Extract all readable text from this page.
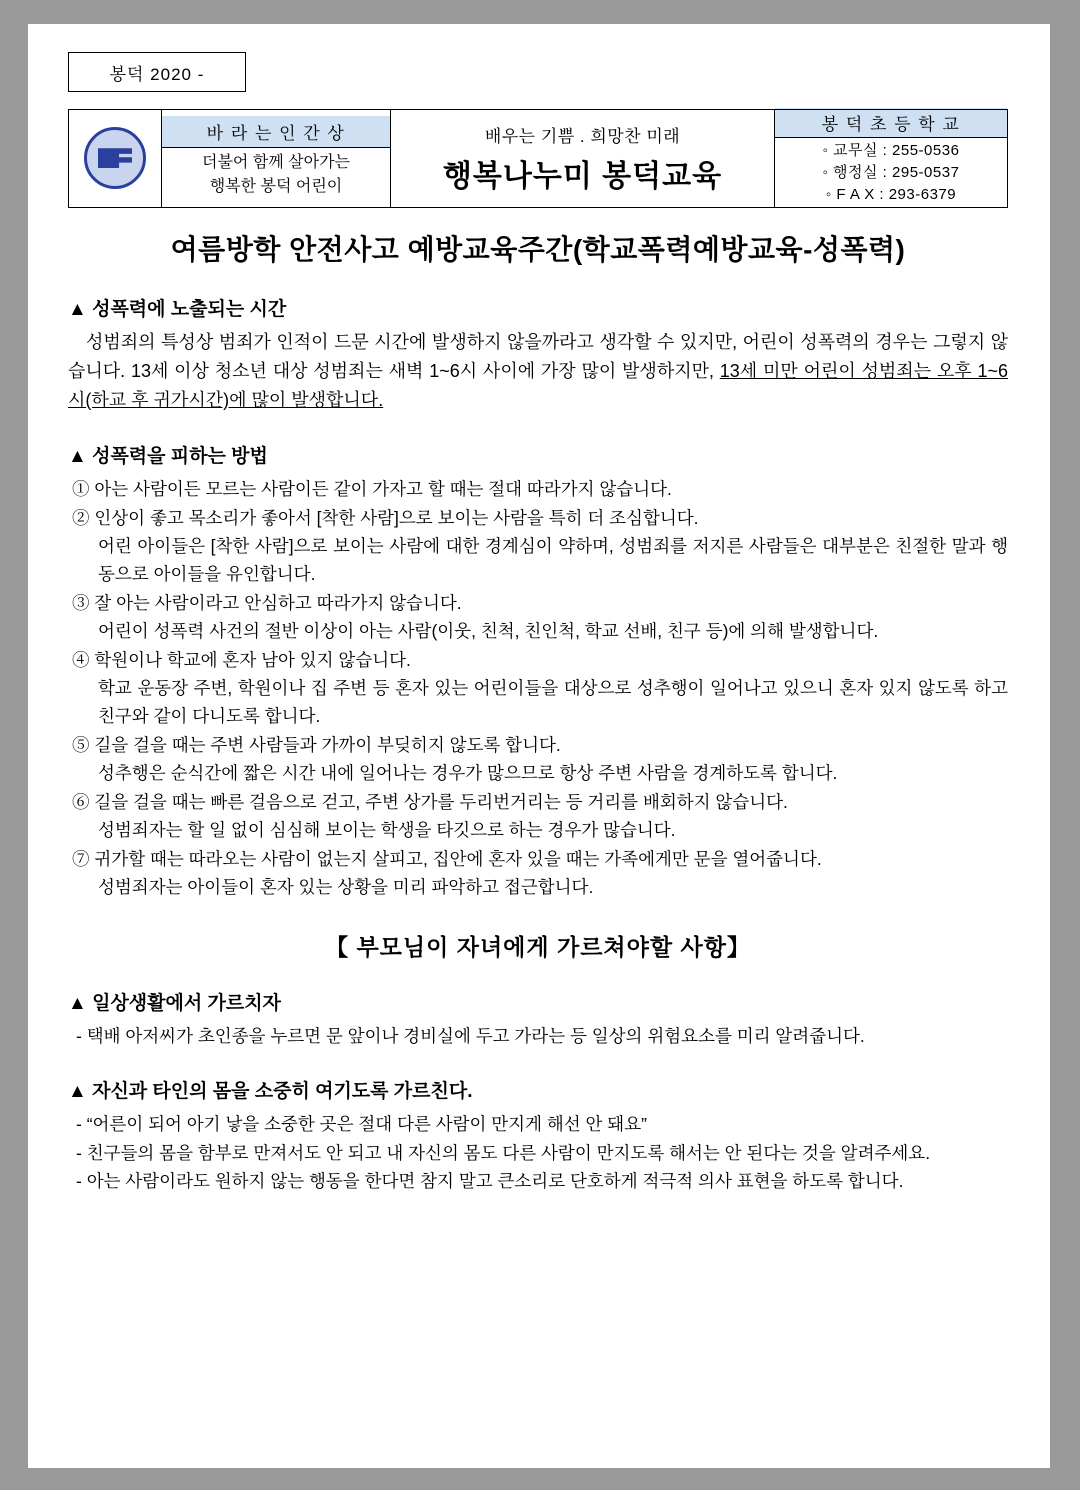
봉덕 2020 -

바 라 는 인 간 상
더불어 함께 살아가는
행복한 봉덕 어린이

배우는 기쁨 . 희망찬 미래
행복나누미 봉덕교육

봉 덕 초 등 학 교
◦ 교무실 : 255-0536
◦ 행정실 : 295-0537
◦ F A X : 293-6379
여름방학 안전사고 예방교육주간(학교폭력예방교육-성폭력)
▲ 성폭력에 노출되는 시간
성범죄의 특성상 범죄가 인적이 드문 시간에 발생하지 않을까라고 생각할 수 있지만, 어린이 성폭력의 경우는 그렇지 않습니다. 13세 이상 청소년 대상 성범죄는 새벽 1~6시 사이에 가장 많이 발생하지만, 13세 미만 어린이 성범죄는 오후 1~6시(하교 후 귀가시간)에 많이 발생합니다.
▲ 성폭력을 피하는 방법
① 아는 사람이든 모르는 사람이든 같이 가자고 할 때는 절대 따라가지 않습니다.
② 인상이 좋고 목소리가 좋아서 [착한 사람]으로 보이는 사람을 특히 더 조심합니다.
어린 아이들은 [착한 사람]으로 보이는 사람에 대한 경계심이 약하며, 성범죄를 저지른 사람들은 대부분은 친절한 말과 행동으로 아이들을 유인합니다.
③ 잘 아는 사람이라고 안심하고 따라가지 않습니다.
어린이 성폭력 사건의 절반 이상이 아는 사람(이웃, 친척, 친인척, 학교 선배, 친구 등)에 의해 발생합니다.
④ 학원이나 학교에 혼자 남아 있지 않습니다.
학교 운동장 주변, 학원이나 집 주변 등 혼자 있는 어린이들을 대상으로 성추행이 일어나고 있으니 혼자 있지 않도록 하고 친구와 같이 다니도록 합니다.
⑤ 길을 걸을 때는 주변 사람들과 가까이 부딪히지 않도록 합니다.
성추행은 순식간에 짧은 시간 내에 일어나는 경우가 많으므로 항상 주변 사람을 경계하도록 합니다.
⑥ 길을 걸을 때는 빠른 걸음으로 걷고, 주변 상가를 두리번거리는 등 거리를 배회하지 않습니다.
성범죄자는 할 일 없이 심심해 보이는 학생을 타깃으로 하는 경우가 많습니다.
⑦ 귀가할 때는 따라오는 사람이 없는지 살피고, 집안에 혼자 있을 때는 가족에게만 문을 열어줍니다.
성범죄자는 아이들이 혼자 있는 상황을 미리 파악하고 접근합니다.
【 부모님이 자녀에게 가르쳐야할 사항】
▲ 일상생활에서 가르치자
- 택배 아저씨가 초인종을 누르면 문 앞이나 경비실에 두고 가라는 등 일상의 위험요소를 미리 알려줍니다.
▲ 자신과 타인의 몸을 소중히 여기도록 가르친다.
- “어른이 되어 아기 낳을 소중한 곳은 절대 다른 사람이 만지게 해선 안 돼요”
- 친구들의 몸을 함부로 만져서도 안 되고 내 자신의 몸도 다른 사람이 만지도록 해서는 안 된다는 것을 알려주세요.
- 아는 사람이라도 원하지 않는 행동을 한다면 참지 말고 큰소리로 단호하게 적극적 의사 표현을 하도록 합니다.
